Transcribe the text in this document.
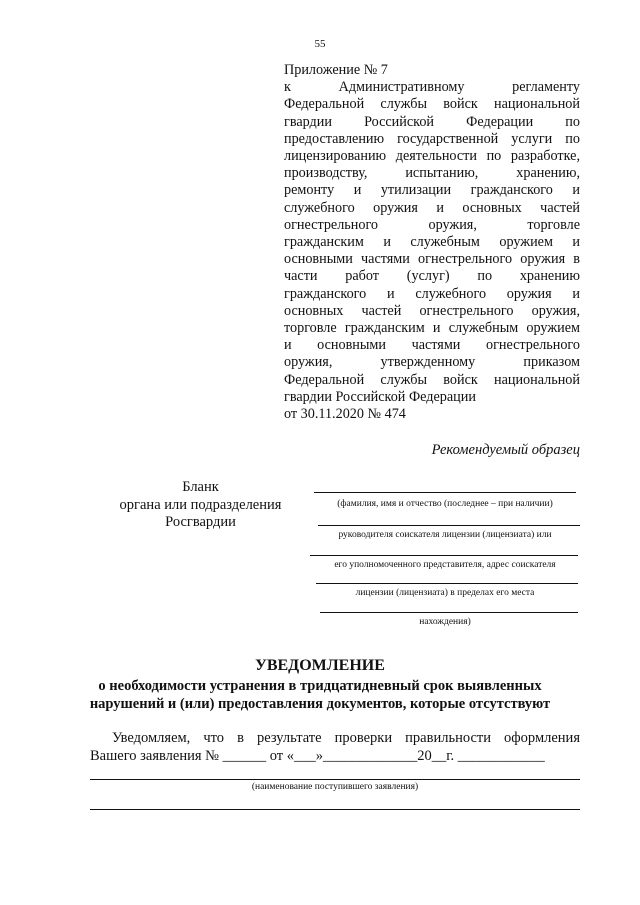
55
Приложение № 7
к Административному регламенту
Федеральной службы войск национальной
гвардии Российской Федерации по
предоставлению государственной услуги по
лицензированию деятельности по разработке,
производству, испытанию, хранению,
ремонту и утилизации гражданского и
служебного оружия и основных частей
огнестрельного оружия, торговле
гражданским и служебным оружием и
основными частями огнестрельного оружия в
части работ (услуг) по хранению
гражданского и служебного оружия и
основных частей огнестрельного оружия,
торговле гражданским и служебным оружием
и основными частями огнестрельного
оружия, утвержденному приказом
Федеральной службы войск национальной
гвардии Российской Федерации
от 30.11.2020 № 474
Рекомендуемый образец
Бланк
органа или подразделения
Росгвардии
(фамилия, имя и отчество (последнее – при наличии)
руководителя соискателя лицензии (лицензиата) или
его уполномоченного представителя, адрес соискателя
лицензии (лицензиата) в пределах его места
нахождения)
УВЕДОМЛЕНИЕ
о необходимости устранения в тридцатидневный срок выявленных
нарушений и (или) предоставления документов, которые отсутствуют
Уведомляем, что в результате проверки правильности оформления
Вашего заявления № ______ от «___»_____________20__г. ____________
(наименование поступившего заявления)
